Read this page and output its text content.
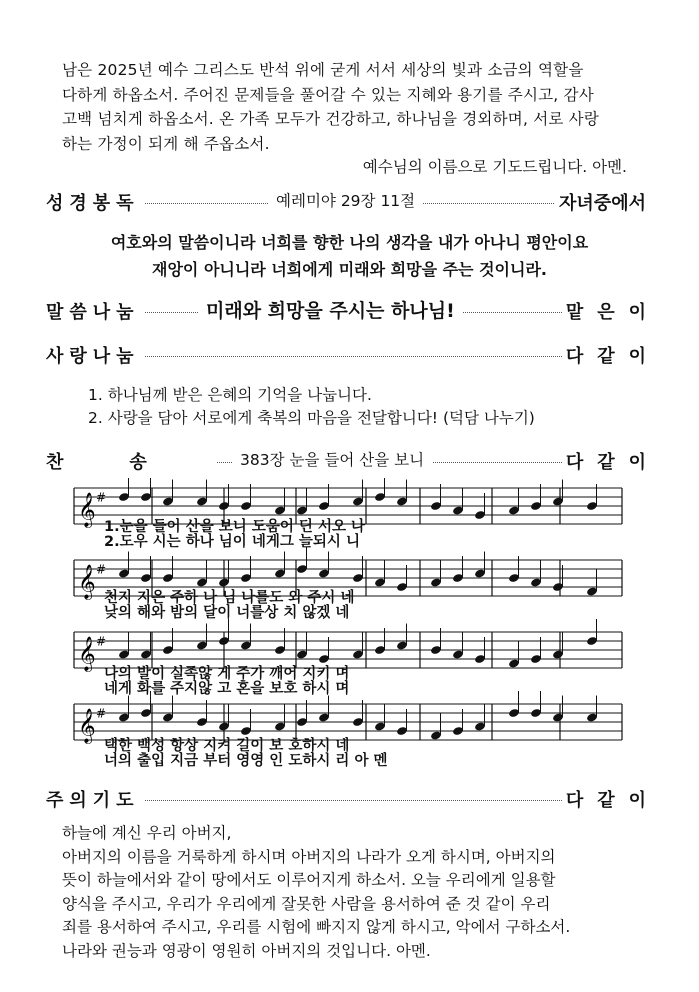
남은 2025년 예수 그리스도 반석 위에 굳게 서서 세상의 빛과 소금의 역할을
다하게 하옵소서. 주어진 문제들을 풀어갈 수 있는 지혜와 용기를 주시고, 감사
고백 넘치게 하옵소서. 온 가족 모두가 건강하고, 하나님을 경외하며, 서로 사랑
하는 가정이 되게 해 주옵소서.
예수님의 이름으로 기도드립니다. 아멘.
성경봉독	예레미야 29장 11절	자녀중에서
여호와의 말씀이니라 너희를 향한 나의 생각을 내가 아나니 평안이요
재앙이 아니니라 너희에게 미래와 희망을 주는 것이니라.
말씀나눔	미래와 희망을 주시는 하나님!	맡은이
사랑나눔	다같이
1. 하나님께 받은 은혜의 기억을 나눕니다.
2. 사랑을 담아 서로에게 축복의 마음을 전달합니다! (덕담 나누기)
찬송	383장 눈을 들어 산을 보니	다같이
𝄞 #
𝄞 #
𝄞 #
𝄞 #
1.눈을 들어 산을 보니 도움어 딘 서오 나
2.도우 시는 하나 님이 네게그 늘되시 니
천지 지은 주하 나 님 나를도 와 주시 네
낮의 해와 밤의 달이 너를상 치 않겠 네
나의 발이 실족않 게 주가 깨어 지키 며
네게 화를 주지않 고 혼을 보호 하시 며
택한 백성 항상 지켜 길이 보 호하시 네
너의 출입 지금 부터 영영 인 도하시 리 아 멘
주의기도	다같이
하늘에 계신 우리 아버지,
아버지의 이름을 거룩하게 하시며 아버지의 나라가 오게 하시며, 아버지의
뜻이 하늘에서와 같이 땅에서도 이루어지게 하소서. 오늘 우리에게 일용할
양식을 주시고, 우리가 우리에게 잘못한 사람을 용서하여 준 것 같이 우리
죄를 용서하여 주시고, 우리를 시험에 빠지지 않게 하시고, 악에서 구하소서.
나라와 권능과 영광이 영원히 아버지의 것입니다. 아멘.
